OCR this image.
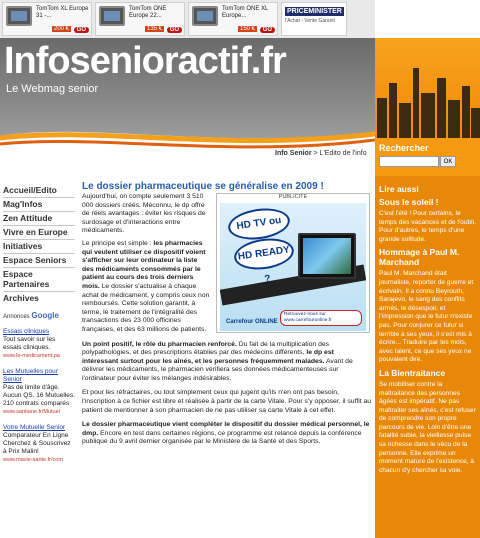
TomTom XL Europe 31 -...
200 €	GO
TomTom ONE Europe 22...
135 €	GO
TomTom ONE XL Europe...
150 €	GO
PRICEMINISTER
l'Achat - Vente Garanti
Infosenioractif.fr
Le Webmag senior
Rechercher
OK
Lire aussi
Sous le soleil !

C'est l'été ! Pour certains, le temps des vacances et de l'oubli. Pour d'autres, le temps d'une grande solitude.

Hommage à Paul M. Marchand

Paul M. Marchand était journaliste, reporter de guerre et écrivain. Il a connu Beyrouth, Sarajevo, le sang des conflits armés, le désespoir, et l'impression que le futur n'existe pas. Pour conjurer ce futur si terrible à ses yeux, il s'est mis à écrire... Traduire par les mots, avec talent, ce que ses yeux ne pouvaient dire.

La Bientraitance

Se mobiliser contre la maltraitance des personnes âgées est impératif. Ne pas maltraiter ses aînés, c'est refuser de comprendre son propre parcours de vie. Loin d'être une fatalité subie, la vieillesse puise sa richesse dans le vécu de la personne. Elle exprime un moment mature de l'existence, à chacun d'y chercher sa voie.

Info Senior > L'Edito de l'info
Accueil/Edito
Mag'Infos
Zen Attitude
Vivre en Europe
Initiatives
Espace Seniors
Espace Partenaires
Archives
Annonces Google
Essais cliniques
Tout savoir sur les essais cliniques.
www.le-medicament.pa
Les Mutuelles pour Senior
Pas de limite d'âge. Aucun QS. 16 Mutuelles. 210 contrats comparés
www.santiane.fr/Mutuel
Votre Mutuelle Senior
Comparateur En Ligne Cherchez & Souscrivez à Prix Malin!
www.mavie-sante.fr/com
Le dossier pharmaceutique se généralise en 2009 !

Aujourd'hui, on compte seulement 3 510 000 dossiers créés. Méconnu, le dp offre de réels avantages : éviter les risques de surdosage et d'interactions entre médicaments.

Le principe est simple : les pharmacies qui veulent utiliser ce dispositif voient s'afficher sur leur ordinateur la liste des médicaments consommés par le patient au cours des trois derniers mois. Le dossier s'actualise à chaque achat de médicament, y compris ceux non remboursés. Cette solution garantit, à terme, le traitement de l'intégralité des transactions des 23 000 officines françaises, et des 63 millions de patients.

PUBLICITE
HD TV ou
HD READY ?
Carrefour ONLINE
Retrouvez-nous sur www.carrefouronline.fr

Un point positif, le rôle du pharmacien renforcé. Du fait de la multiplication des polypathologies, et des prescriptions établies par des médecins différents, le dp est intéressant surtout pour les aînés, et les personnes fréquemment malades. Avant de délivrer les médicaments, le pharmacien vérifiera ses données médicamenteuses sur l'ordinateur pour éviter les mélanges indésirables.

Et pour les réfractaires, ou tout simplement ceux qui jugent qu'ils n'en ont pas besoin, l'inscription à ce fichier est libre et réalisée à partir de la carte Vitale. Pour s'y opposer, il suffit au patient de mentionner à son pharmacien de ne pas utiliser sa carte Vitale à cet effet.

Le dossier pharmaceutique vient compléter le dispositif du dossier médical personnel, le dmp. Encore en test dans certaines régions, ce programme est relancé depuis la conférence publique du 9 avril dernier organisée par le Ministère de la Santé et des Sports.
